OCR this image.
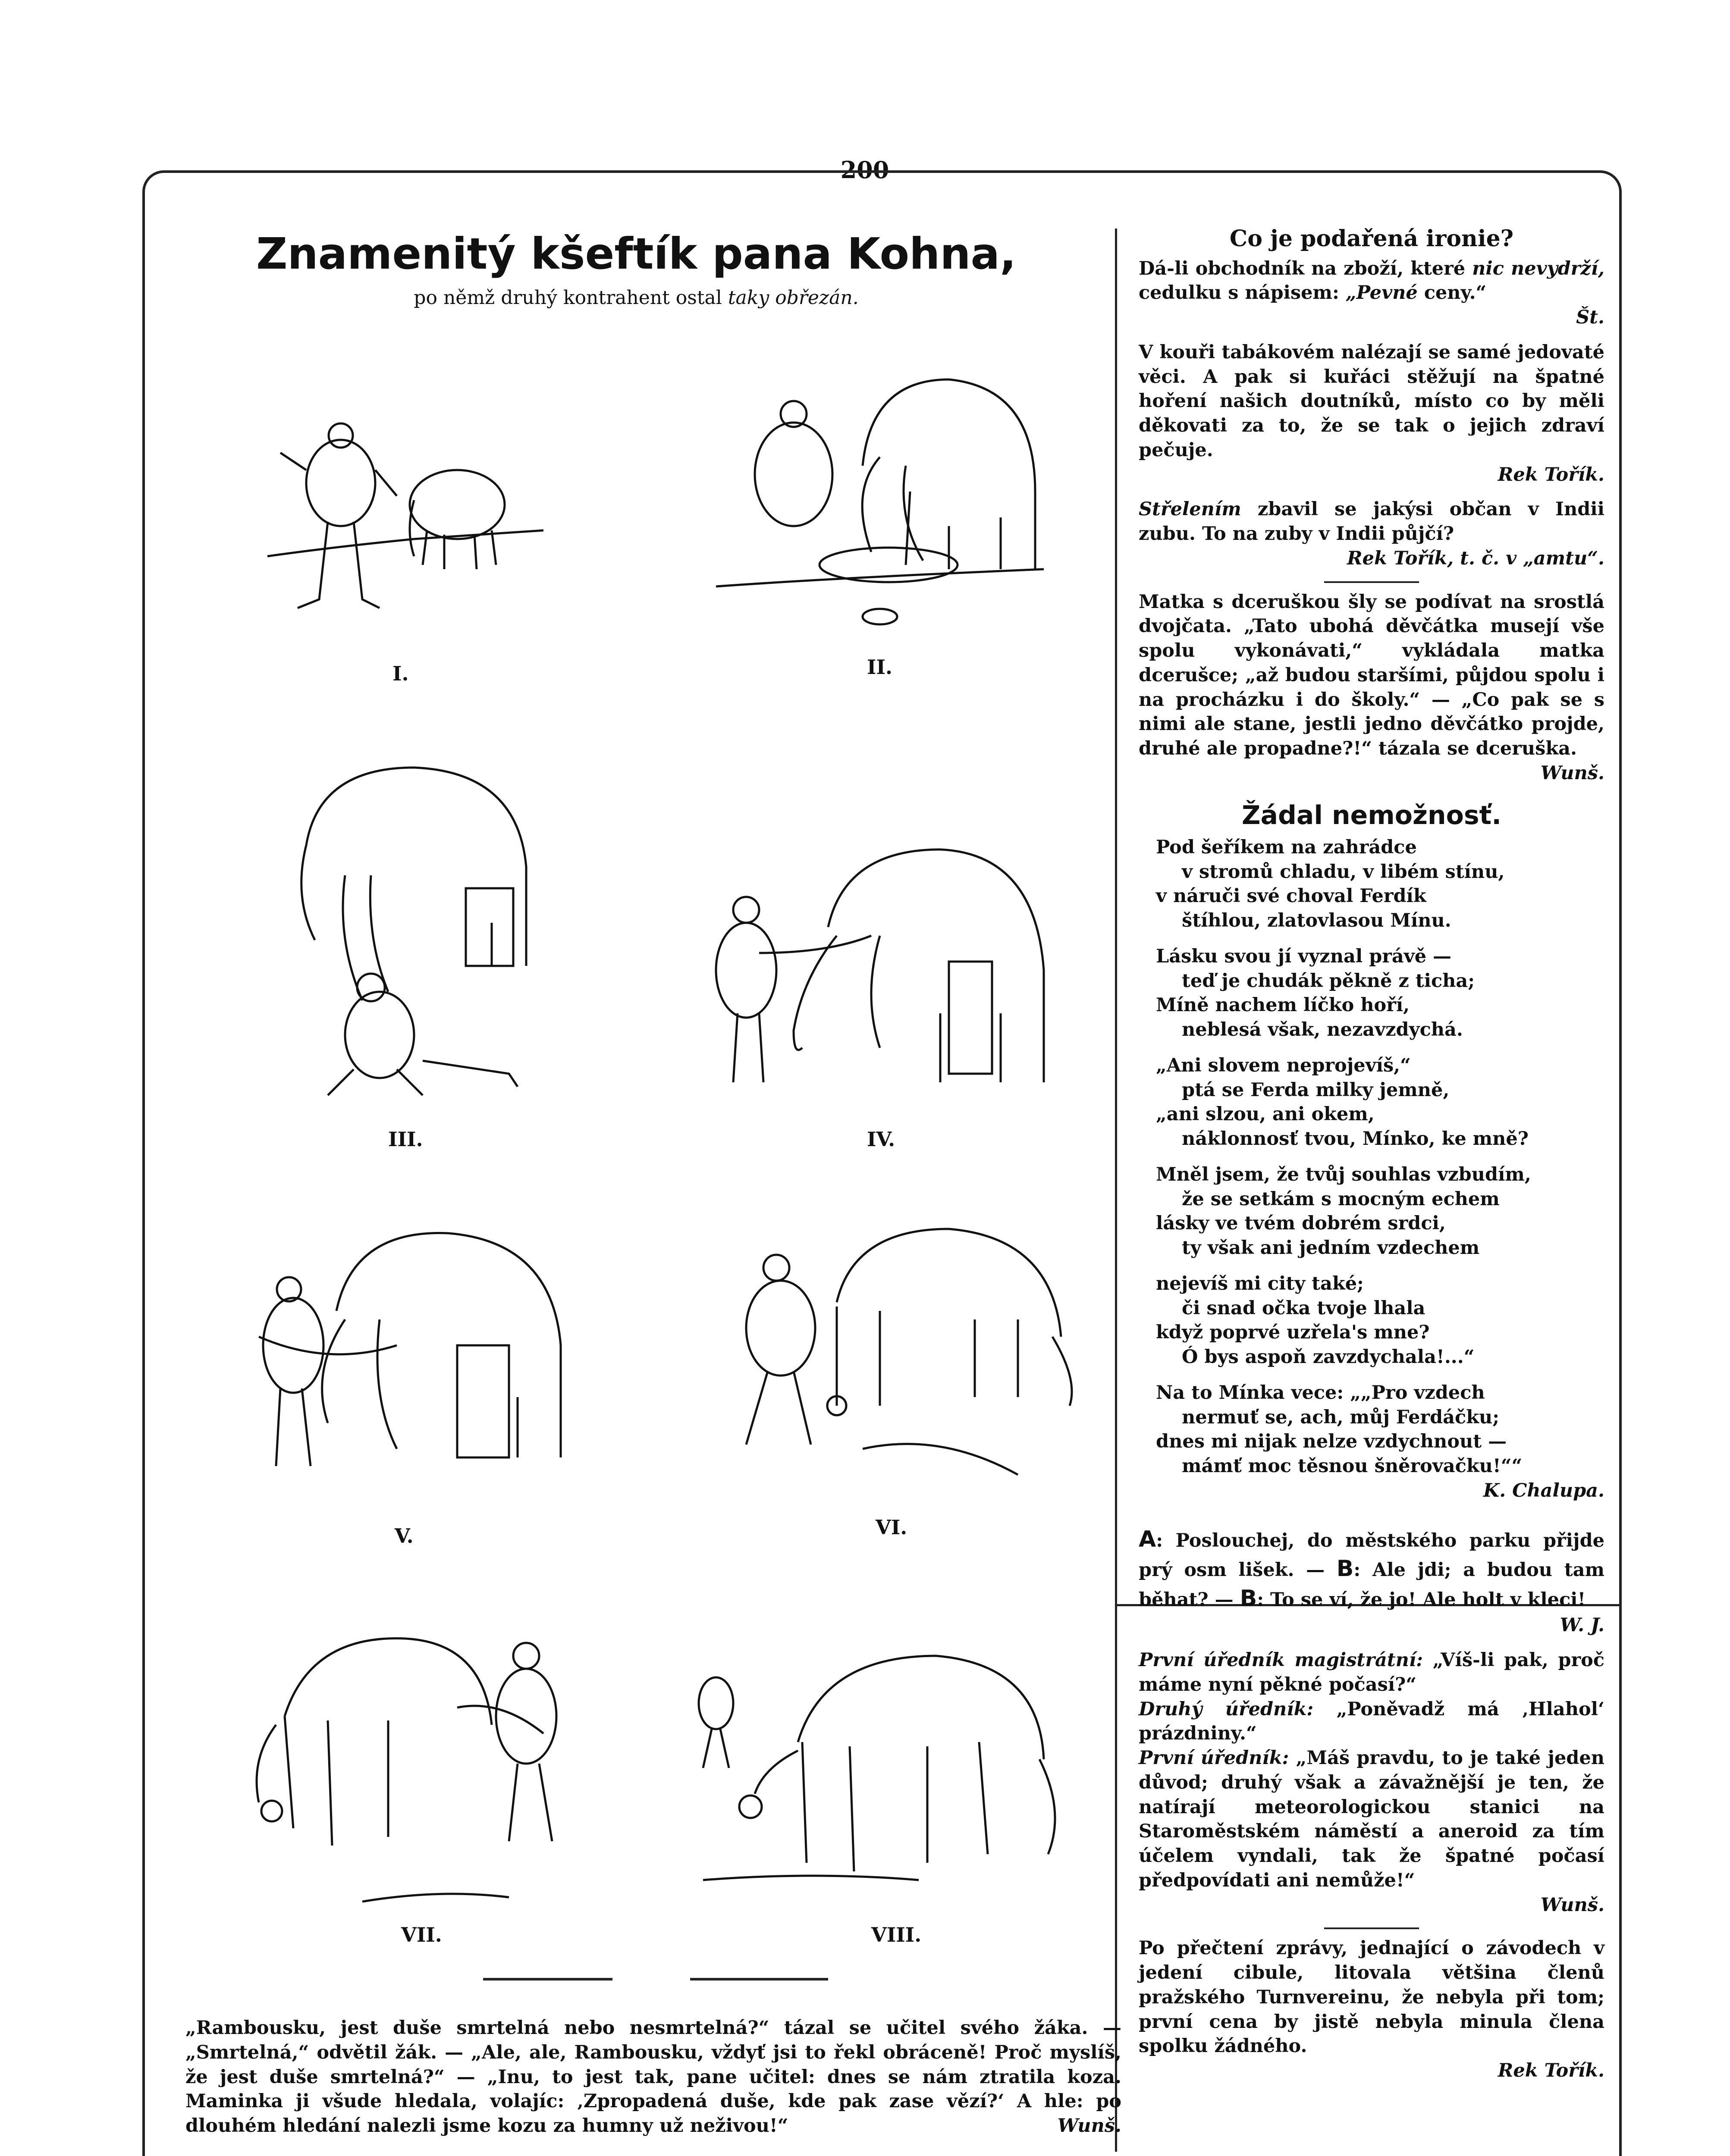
200
Znamenitý kšeftík pana Kohna,

po němž druhý kontrahent ostal taky obřezán.

I.	II.
III.	IV.
V.	VI.
VII.	VIII.
„Rambousku, jest duše smrtelná nebo nesmrtelná?“ tázal se učitel svého žáka. — „Smrtelná,“ odvětil žák. — „Ale, ale, Rambousku, vždyť jsi to řekl obráceně! Proč myslíš, že jest duše smrtelná?“ — „Inu, to jest tak, pane učitel: dnes se nám ztratila koza. Maminka ji všude hledala, volajíc: ‚Zpropadená duše, kde pak zase vězí?‘ A hle: po dlouhém hledání nalezli jsme kozu za humny už neživou!“	Wunš.
Co je podařená ironie?

Dá-li obchodník na zboží, které nic nevydrží, cedulku s nápisem: „Pevné ceny.“
Št.

V kouři tabákovém nalézají se samé jedovaté věci. A pak si kuřáci stěžují na špatné hoření našich doutníků, místo co by měli děkovati za to, že se tak o jejich zdraví pečuje.
Rek Tořík.

Střelením zbavil se jakýsi občan v Indii zubu. To na zuby v Indii půjčí?
Rek Tořík, t. č. v „amtu“.

Matka s dceruškou šly se podívat na srostlá dvojčata. „Tato ubohá děvčátka musejí vše spolu vykonávati,“ vykládala matka dcerušce; „až budou staršími, půjdou spolu i na procházku i do školy.“ — „Co pak se s nimi ale stane, jestli jedno děvčátko projde, druhé ale propadne?!“ tázala se dceruška.
Wunš.

Žádal nemožnosť.
Pod šeříkem na zahrádce
v stromů chladu, v libém stínu,
v náruči své choval Ferdík
štíhlou, zlatovlasou Mínu.
Lásku svou jí vyznal právě —
teď je chudák pěkně z ticha;
Míně nachem líčko hoří,
neblesá však, nezavzdychá.
„Ani slovem neprojevíš,“
ptá se Ferda milky jemně,
„ani slzou, ani okem,
náklonnosť tvou, Mínko, ke mně?
Mněl jsem, že tvůj souhlas vzbudím,
že se setkám s mocným echem
lásky ve tvém dobrém srdci,
ty však ani jedním vzdechem
nejevíš mi city také;
či snad očka tvoje lhala
když poprvé uzřela's mne?
Ó bys aspoň zavzdychala!...“
Na to Mínka vece: „„Pro vzdech
nermuť se, ach, můj Ferdáčku;
dnes mi nijak nelze vzdychnout —
mámť moc těsnou šněrovačku!““
K. Chalupa.

A: Poslouchej, do městského parku přijde prý osm lišek. — B: Ale jdi; a budou tam běhat? — B: To se ví, že jo! Ale holt v kleci!
W. J.

První úředník magistrátní: „Víš-li pak, proč máme nyní pěkné počasí?“
Druhý úředník: „Poněvadž má ‚Hlahol‘ prázdniny.“
První úředník: „Máš pravdu, to je také jeden důvod; druhý však a závažnější je ten, že natírají meteorologickou stanici na Staroměstském náměstí a aneroid za tím účelem vyndali, tak že špatné počasí předpovídati ani nemůže!“
Wunš.

Po přečtení zprávy, jednající o závodech v jedení cibule, litovala většina členů pražského Turnvereinu, že nebyla při tom; první cena by jistě nebyla minula člena spolku žádného.
Rek Tořík.
